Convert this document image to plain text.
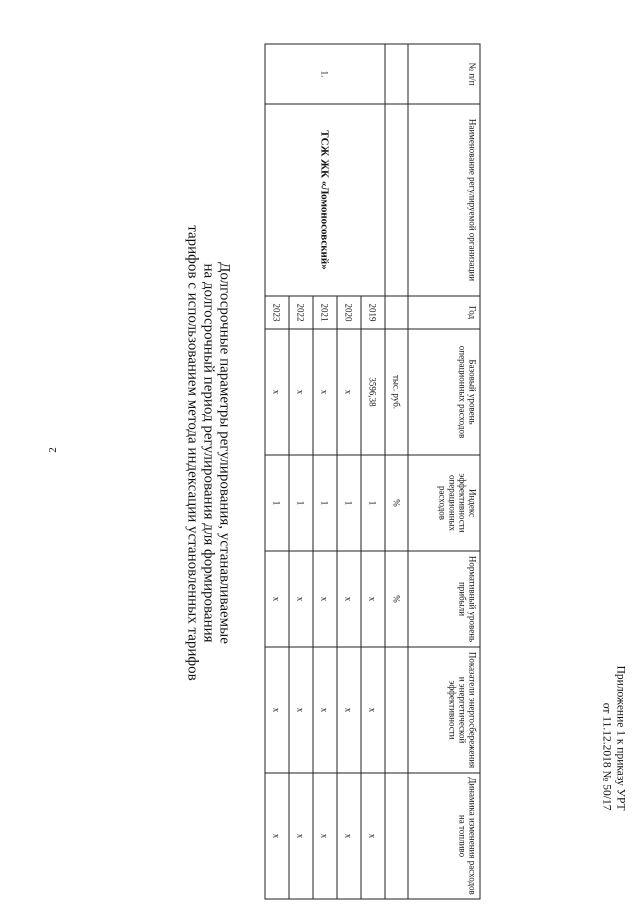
2
Приложение 1 к приказу УРТ
от 11.12.2018 № 50/17
Долгосрочные параметры регулирования, устанавливаемые
на долгосрочный период регулирования для формирования
тарифов с использованием метода индексации установленных тарифов
№ п/п	Наименование регулируемой организации	Год	Базовый уровень операционных расходов	Индекс эффективности операционных расходов	Нормативный уровень прибыли	Показатели энергосбережения и энергетической эффективности	Динамика изменения расходов на топливо
			тыс. руб.	%	%		
1.	ТСЖ ЖК «Ломоносовский»	2019	3596,38	1	х	х	х
		2020	х	1	х	х	х
		2021	х	1	х	х	х
		2022	х	1	х	х	х
		2023	х	1	х	х	х
